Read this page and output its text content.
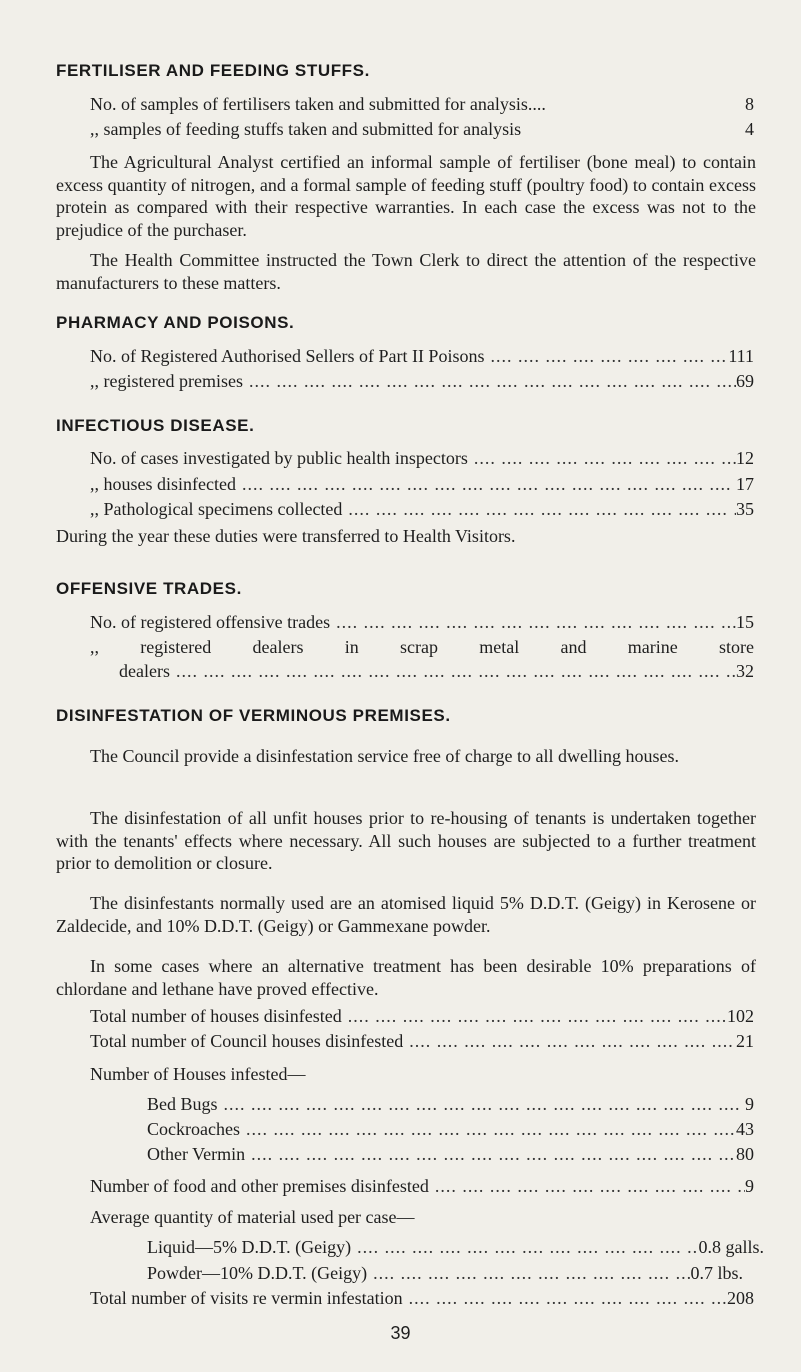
FERTILISER AND FEEDING STUFFS.
No. of samples of fertilisers taken and submitted for analysis....	8
,, samples of feeding stuffs taken and submitted for analysis	4

The Agricultural Analyst certified an informal sample of fertiliser (bone meal) to contain excess quantity of nitrogen, and a formal sample of feeding stuff (poultry food) to contain excess protein as compared with their respective warranties. In each case the excess was not to the prejudice of the purchaser.

The Health Committee instructed the Town Clerk to direct the attention of the respective manufacturers to these matters.

PHARMACY AND POISONS.
No. of Registered Authorised Sellers of Part II Poisons ....	111
,, registered premises ....	69
INFECTIOUS DISEASE.
No. of cases investigated by public health inspectors ....	12
,, houses disinfected ....	17
,, Pathological specimens collected ....	35

During the year these duties were transferred to Health Visitors.

OFFENSIVE TRADES.
No. of registered offensive trades ....	15

,, registered dealers in scrap metal and marine store

dealers ....	32
DISINFESTATION OF VERMINOUS PREMISES.

The Council provide a disinfestation service free of charge to all dwelling houses.

The disinfestation of all unfit houses prior to re-housing of tenants is undertaken together with the tenants' effects where necessary. All such houses are subjected to a further treatment prior to demolition or closure.

The disinfestants normally used are an atomised liquid 5% D.D.T. (Geigy) in Kerosene or Zaldecide, and 10% D.D.T. (Geigy) or Gammexane powder.

In some cases where an alternative treatment has been desirable 10% preparations of chlordane and lethane have proved effective.

Total number of houses disinfested ....	102
Total number of Council houses disinfested ....	21

Number of Houses infested—

Bed Bugs ....	9
Cockroaches ....	43
Other Vermin ....	80
Number of food and other premises disinfested ....	9

Average quantity of material used per case—

Liquid—5% D.D.T. (Geigy) ....	0.8 galls.
Powder—10% D.D.T. (Geigy) ....	0.7 lbs.
Total number of visits re vermin infestation ....	208
39
